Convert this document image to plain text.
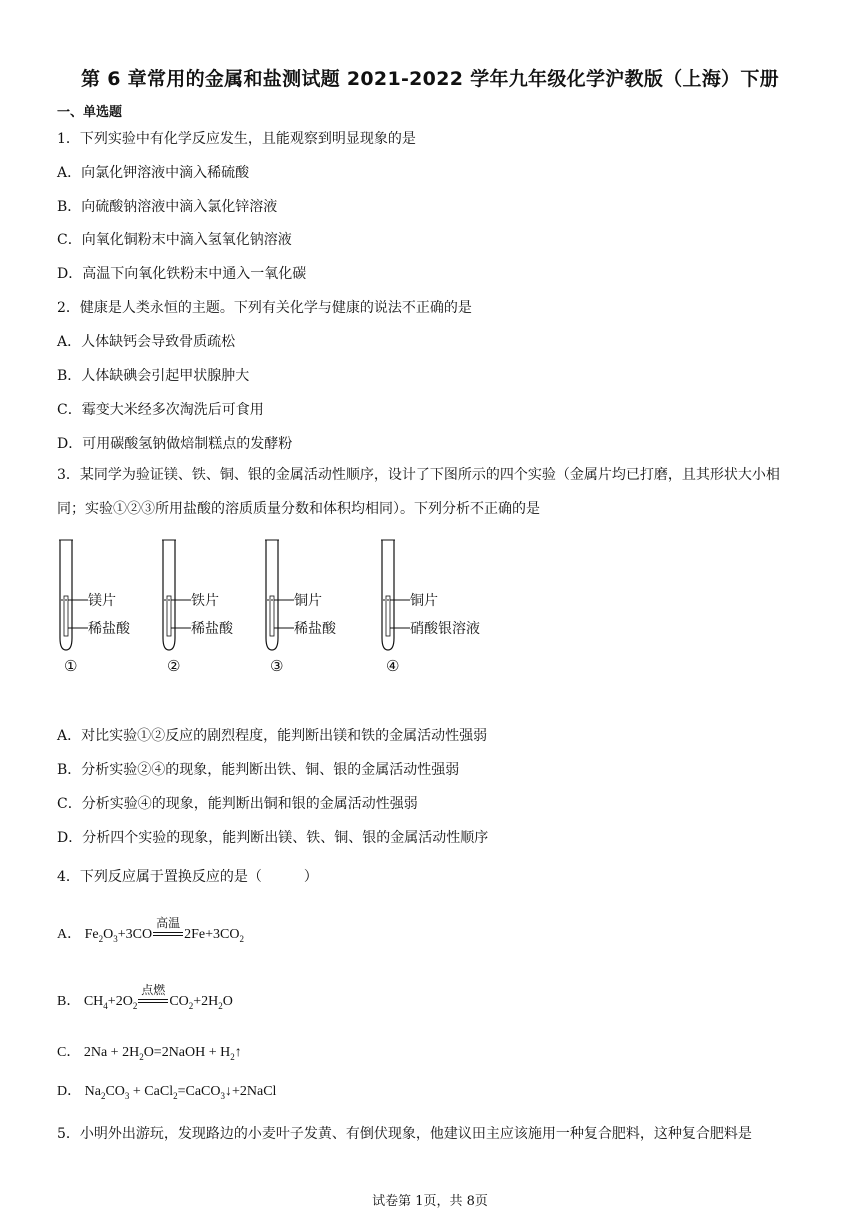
第 6 章常用的金属和盐测试题 2021-2022 学年九年级化学沪教版（上海）下册
一、单选题
1．下列实验中有化学反应发生，且能观察到明显现象的是
A．向氯化钾溶液中滴入稀硫酸
B．向硫酸钠溶液中滴入氯化锌溶液
C．向氧化铜粉末中滴入氢氧化钠溶液
D．高温下向氧化铁粉末中通入一氧化碳
2．健康是人类永恒的主题。下列有关化学与健康的说法不正确的是
A．人体缺钙会导致骨质疏松
B．人体缺碘会引起甲状腺肿大
C．霉变大米经多次淘洗后可食用
D．可用碳酸氢钠做焙制糕点的发酵粉
3．某同学为验证镁、铁、铜、银的金属活动性顺序，设计了下图所示的四个实验（金属片均已打磨，且其形状大小相同；实验①②③所用盐酸的溶质质量分数和体积均相同）。下列分析不正确的是
镁片
稀盐酸
①
铁片
稀盐酸
②
铜片
稀盐酸
③
铜片
硝酸银溶液
④
A．对比实验①②反应的剧烈程度，能判断出镁和铁的金属活动性强弱
B．分析实验②④的现象，能判断出铁、铜、银的金属活动性强弱
C．分析实验④的现象，能判断出铜和银的金属活动性强弱
D．分析四个实验的现象，能判断出镁、铁、铜、银的金属活动性顺序
4．下列反应属于置换反应的是（　　　）
A． $Fe_2O_3+3CO$
高温
$2Fe+3CO_2$
B． $CH_4+2O_2$
点燃
$CO_2+2H_2O$
C． $2Na + 2H_2O=2NaOH$ + $H_2↑$
D． $Na_2CO_3$ + CaCl$_2$=CaCO$_3$↓+2NaCl
5．小明外出游玩，发现路边的小麦叶子发黄、有倒伏现象，他建议田主应该施用一种复合肥料，这种复合肥料是
试卷第 1页，共 8页
